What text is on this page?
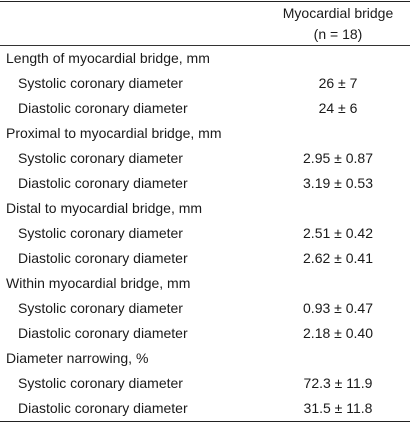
Myocardial bridge
(n = 18)
Length of myocardial bridge, mm
Systolic coronary diameter	26 ± 7
Diastolic coronary diameter	24 ± 6
Proximal to myocardial bridge, mm
Systolic coronary diameter	2.95 ± 0.87
Diastolic coronary diameter	3.19 ± 0.53
Distal to myocardial bridge, mm
Systolic coronary diameter	2.51 ± 0.42
Diastolic coronary diameter	2.62 ± 0.41
Within myocardial bridge, mm
Systolic coronary diameter	0.93 ± 0.47
Diastolic coronary diameter	2.18 ± 0.40
Diameter narrowing, %
Systolic coronary diameter	72.3 ± 11.9
Diastolic coronary diameter	31.5 ± 11.8
